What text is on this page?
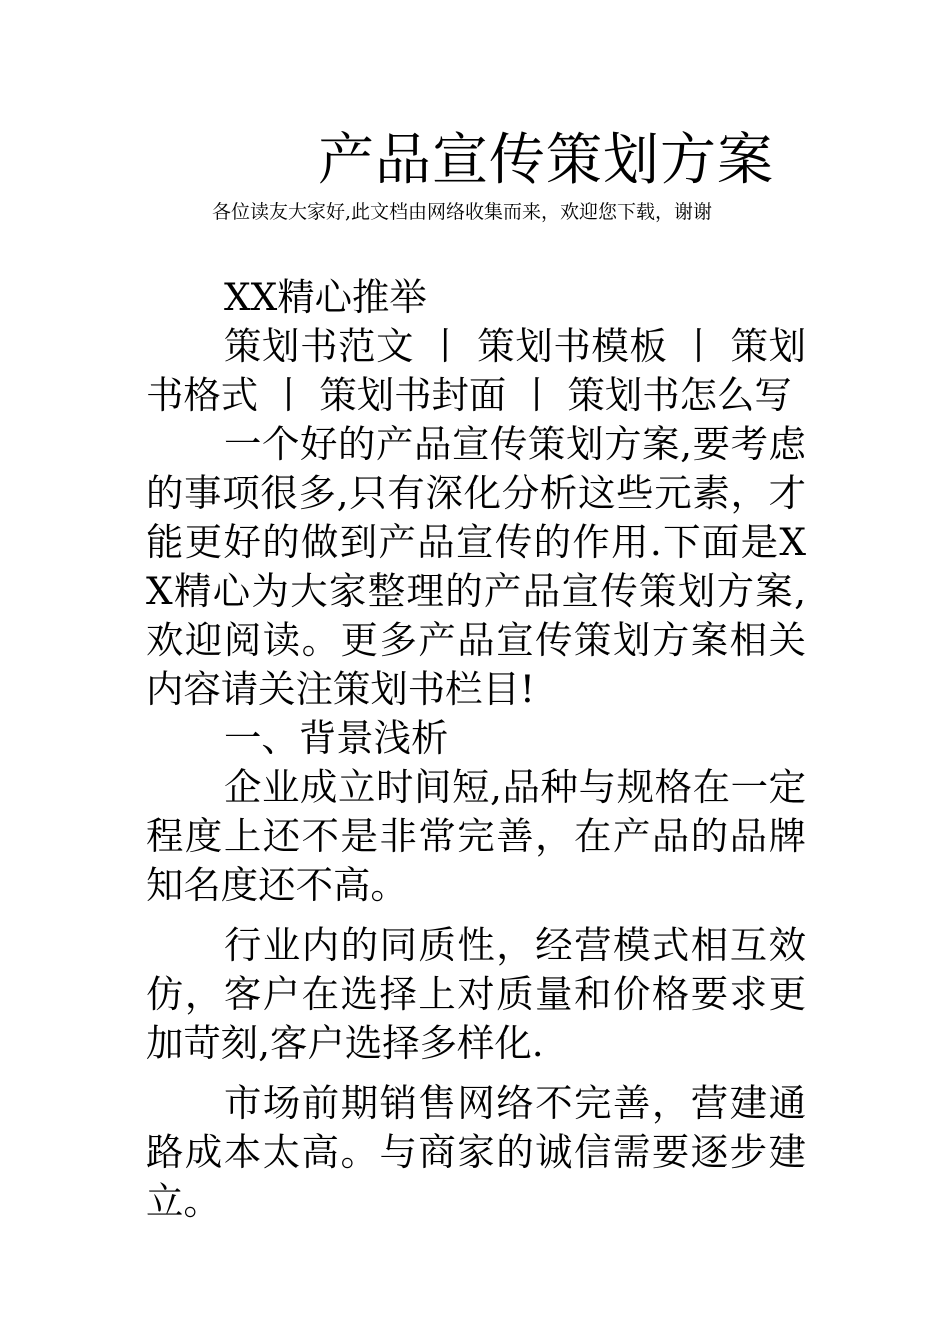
产品宣传策划方案
各位读友大家好,此文档由网络收集而来，欢迎您下载，谢谢

XX精心推举

策划书范文 丨 策划书模板 丨 策划书格式 丨 策划书封面 丨 策划书怎么写

一个好的产品宣传策划方案,要考虑的事项很多,只有深化分析这些元素，才能更好的做到产品宣传的作用.下面是XX精心为大家整理的产品宣传策划方案,欢迎阅读。更多产品宣传策划方案相关内容请关注策划书栏目!

一、背景浅析

企业成立时间短,品种与规格在一定程度上还不是非常完善，在产品的品牌知名度还不高。

行业内的同质性，经营模式相互效仿，客户在选择上对质量和价格要求更加苛刻,客户选择多样化.

市场前期销售网络不完善，营建通路成本太高。与商家的诚信需要逐步建立。
